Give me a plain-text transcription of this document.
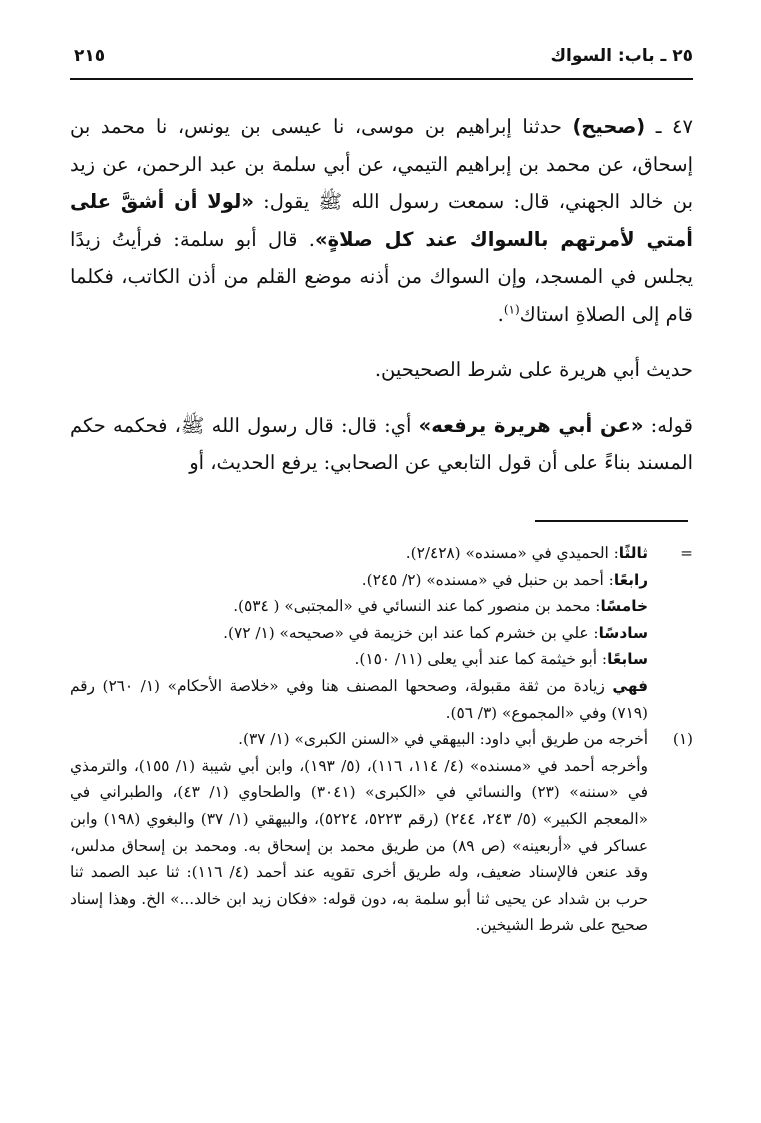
٢٥ ـ باب: السواك
٢١٥

٤٧ ـ (صحيح) حدثنا إبراهيم بن موسى، نا عيسى بن يونس، نا محمد بن إسحاق، عن محمد بن إبراهيم التيمي، عن أبي سلمة بن عبد الرحمن، عن زيد بن خالد الجهني، قال: سمعت رسول الله ﷺ يقول: «لولا أن أشقَّ على أمتي لأمرتهم بالسواك عند كل صلاةٍ». قال أبو سلمة: فرأيتُ زيدًا يجلس في المسجد، وإن السواك من أذنه موضع القلم من أذن الكاتب، فكلما قام إلى الصلاةِ استاك$^{(١)}$.

حديث أبي هريرة على شرط الصحيحين.

قوله: «عن أبي هريرة يرفعه» أي: قال: قال رسول الله ﷺ، فحكمه حكم المسند بناءً على أن قول التابعي عن الصحابي: يرفع الحديث، أو

=
ثالثًا: الحميدي في «مسنده» (٢/٤٢٨).
رابعًا: أحمد بن حنبل في «مسنده» (٢/ ٢٤٥).
خامسًا: محمد بن منصور كما عند النسائي في «المجتبى» ( ٥٣٤).
سادسًا: علي بن خشرم كما عند ابن خزيمة في «صحيحه» (١/ ٧٢).
سابعًا: أبو خيثمة كما عند أبي يعلى (١١/ ١٥٠).
فهي زيادة من ثقة مقبولة، وصححها المصنف هنا وفي «خلاصة الأحكام» (١/ ٢٦٠) رقم (٧١٩) وفي «المجموع» (٣/ ٥٦).
(١)
أخرجه من طريق أبي داود: البيهقي في «السنن الكبرى» (١/ ٣٧).
وأخرجه أحمد في «مسنده» (٤/ ١١٤، ١١٦)، (٥/ ١٩٣)، وابن أبي شيبة (١/ ١٥٥)، والترمذي في «سننه» (٢٣) والنسائي في «الكبرى» (٣٠٤١) والطحاوي (١/ ٤٣)، والطبراني في «المعجم الكبير» (٥/ ٢٤٣، ٢٤٤) (رقم ٥٢٢٣، ٥٢٢٤)، والبيهقي (١/ ٣٧) والبغوي (١٩٨) وابن عساكر في «أربعينه» (ص ٨٩) من طريق محمد بن إسحاق به. ومحمد بن إسحاق مدلس، وقد عنعن فالإسناد ضعيف، وله طريق أخرى تقويه عند أحمد (٤/ ١١٦): ثنا عبد الصمد ثنا حرب بن شداد عن يحيى ثنا أبو سلمة به، دون قوله: «فكان زيد ابن خالد...» الخ. وهذا إسناد صحيح على شرط الشيخين.
